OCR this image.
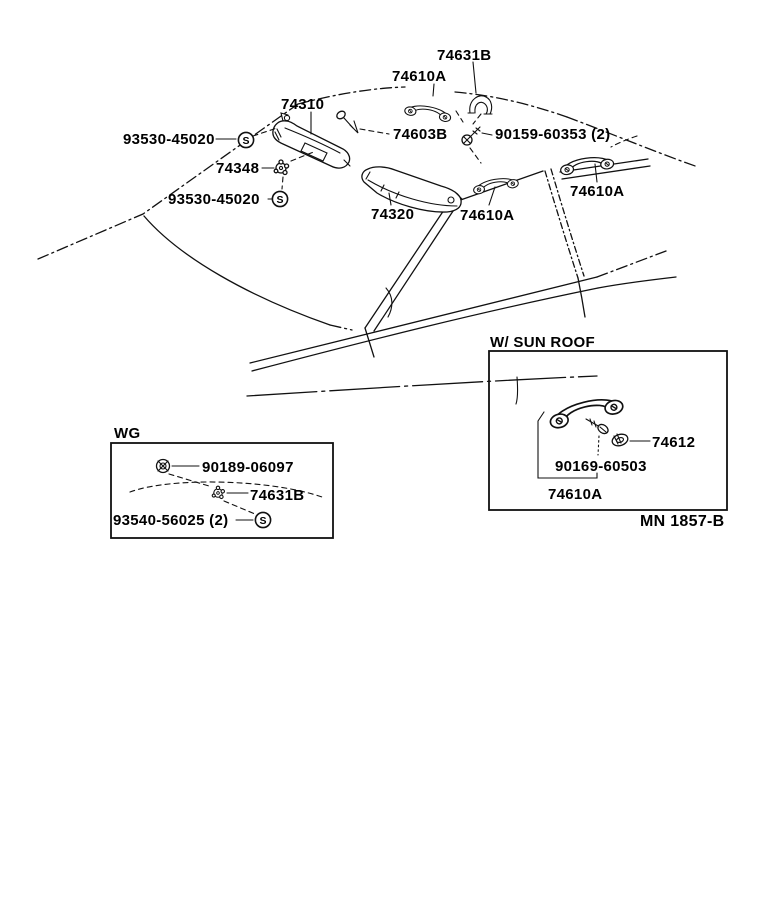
S
S
74631B
74610A
74310
93530-45020
74348
93530-45020
74603B	90159-60353 (2)
74320	74610A
74610A
WG
90189-06097
74631B
93540-56025 (2)	S
W/ SUN ROOF
74612
90169-60503
74610A
MN 1857-B
